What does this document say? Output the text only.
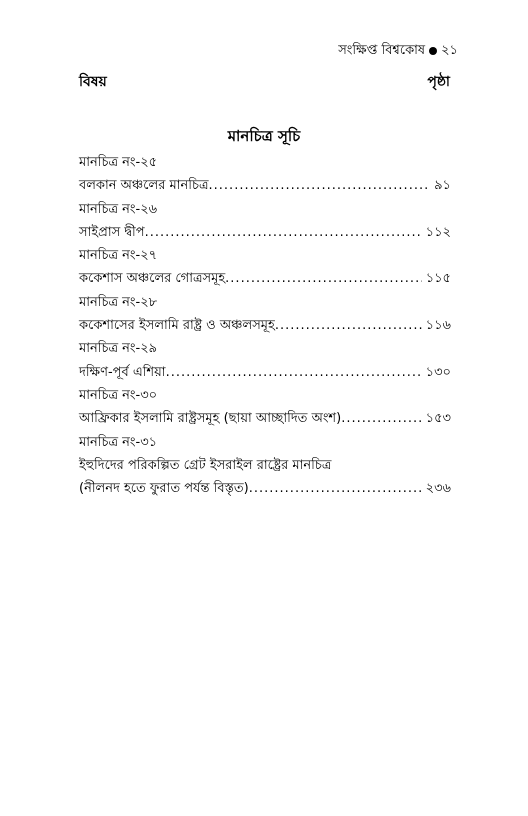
সংক্ষিপ্ত বিশ্বকোষ ২১
বিষয়	পৃষ্ঠা
মানচিত্র সূচি
মানচিত্র নং-২৫
বলকান অঞ্চলের মানচিত্র .....	৯১
মানচিত্র নং-২৬
সাইপ্রাস দ্বীপ .....	১১২
মানচিত্র নং-২৭
ককেশাস অঞ্চলের গোত্রসমূহ .....	১১৫
মানচিত্র নং-২৮
ককেশাসের ইসলামি রাষ্ট্র ও অঞ্চলসমূহ .....	১১৬
মানচিত্র নং-২৯
দক্ষিণ-পূর্ব এশিয়া .....	১৩০
মানচিত্র নং-৩০
আফ্রিকার ইসলামি রাষ্ট্রসমূহ (ছায়া আচ্ছাদিত অংশ) .....	১৫৩
মানচিত্র নং-৩১
ইহুদিদের পরিকল্পিত গ্রেট ইসরাইল রাষ্ট্রের মানচিত্র
(নীলনদ হতে ফুরাত পর্যন্ত বিস্তৃত) .....	২৩৬
